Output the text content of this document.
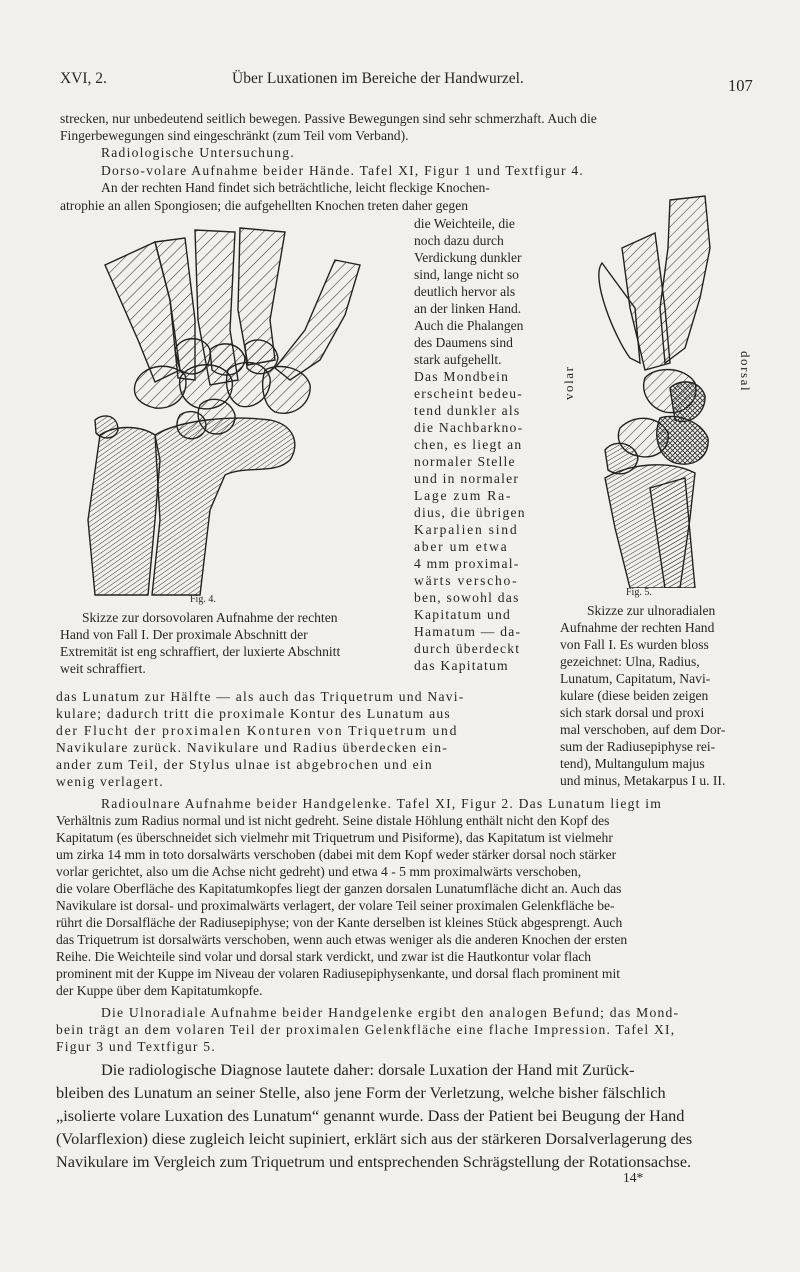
XVI, 2.	Über Luxationen im Bereiche der Handwurzel.	107
strecken, nur unbedeutend seitlich bewegen. Passive Bewegungen sind sehr schmerzhaft. Auch die
Fingerbewegungen sind eingeschränkt (zum Teil vom Verband).
Radiologische Untersuchung.
Dorso-volare Aufnahme beider Hände. Tafel XI, Figur 1 und Textfigur 4.
An der rechten Hand findet sich beträchtliche, leicht fleckige Knochen-
atrophie an allen Spongiosen; die aufgehellten Knochen treten daher gegen
Fig. 4.
Skizze zur dorsovolaren Aufnahme der rechten
Hand von Fall I. Der proximale Abschnitt der
Extremität ist eng schraffiert, der luxierte Abschnitt
weit schraffiert.
die Weichteile, die
noch dazu durch
Verdickung dunkler
sind, lange nicht so
deutlich hervor als
an der linken Hand.
Auch die Phalangen
des Daumens sind
stark aufgehellt.
Das Mondbein
erscheint bedeu-
tend dunkler als
die Nachbarkno-
chen, es liegt an
normaler Stelle
und in normaler
Lage zum Ra-
dius, die übrigen
Karpalien sind
aber um etwa
4 mm proximal-
wärts verscho-
ben, sowohl das
Kapitatum und
Hamatum — da-
durch überdeckt
das Kapitatum
volar	dorsal
Fig. 5.
Skizze zur ulnoradialen
Aufnahme der rechten Hand
von Fall I. Es wurden bloss
gezeichnet: Ulna, Radius,
Lunatum, Capitatum, Navi-
kulare (diese beiden zeigen
sich stark dorsal und proxi
mal verschoben, auf dem Dor-
sum der Radiusepiphyse rei-
tend), Multangulum majus
und minus, Metakarpus I u. II.
das Lunatum zur Hälfte — als auch das Triquetrum und Navi-
kulare; dadurch tritt die proximale Kontur des Lunatum aus
der Flucht der proximalen Konturen von Triquetrum und
Navikulare zurück. Navikulare und Radius überdecken ein-
ander zum Teil, der Stylus ulnae ist abgebrochen und ein
wenig verlagert.
Radioulnare Aufnahme beider Handgelenke. Tafel XI, Figur 2. Das Lunatum liegt im
Verhältnis zum Radius normal und ist nicht gedreht. Seine distale Höhlung enthält nicht den Kopf des
Kapitatum (es überschneidet sich vielmehr mit Triquetrum und Pisiforme), das Kapitatum ist vielmehr
um zirka 14 mm in toto dorsalwärts verschoben (dabei mit dem Kopf weder stärker dorsal noch stärker
vorlar gerichtet, also um die Achse nicht gedreht) und etwa 4 - 5 mm proximalwärts verschoben,
die volare Oberfläche des Kapitatumkopfes liegt der ganzen dorsalen Lunatumfläche dicht an. Auch das
Navikulare ist dorsal- und proximalwärts verlagert, der volare Teil seiner proximalen Gelenkfläche be-
rührt die Dorsalfläche der Radiusepiphyse; von der Kante derselben ist kleines Stück abgesprengt. Auch
das Triquetrum ist dorsalwärts verschoben, wenn auch etwas weniger als die anderen Knochen der ersten
Reihe. Die Weichteile sind volar und dorsal stark verdickt, und zwar ist die Hautkontur volar flach
prominent mit der Kuppe im Niveau der volaren Radiusepiphysenkante, und dorsal flach prominent mit
der Kuppe über dem Kapitatumkopfe.
Die Ulnoradiale Aufnahme beider Handgelenke ergibt den analogen Befund; das Mond-
bein trägt an dem volaren Teil der proximalen Gelenkfläche eine flache Impression. Tafel XI,
Figur 3 und Textfigur 5.
Die radiologische Diagnose lautete daher: dorsale Luxation der Hand mit Zurück-
bleiben des Lunatum an seiner Stelle, also jene Form der Verletzung, welche bisher fälschlich
„isolierte volare Luxation des Lunatum“ genannt wurde. Dass der Patient bei Beugung der Hand
(Volarflexion) diese zugleich leicht supiniert, erklärt sich aus der stärkeren Dorsalverlagerung des
Navikulare im Vergleich zum Triquetrum und entsprechenden Schrägstellung der Rotationsachse.
14*
